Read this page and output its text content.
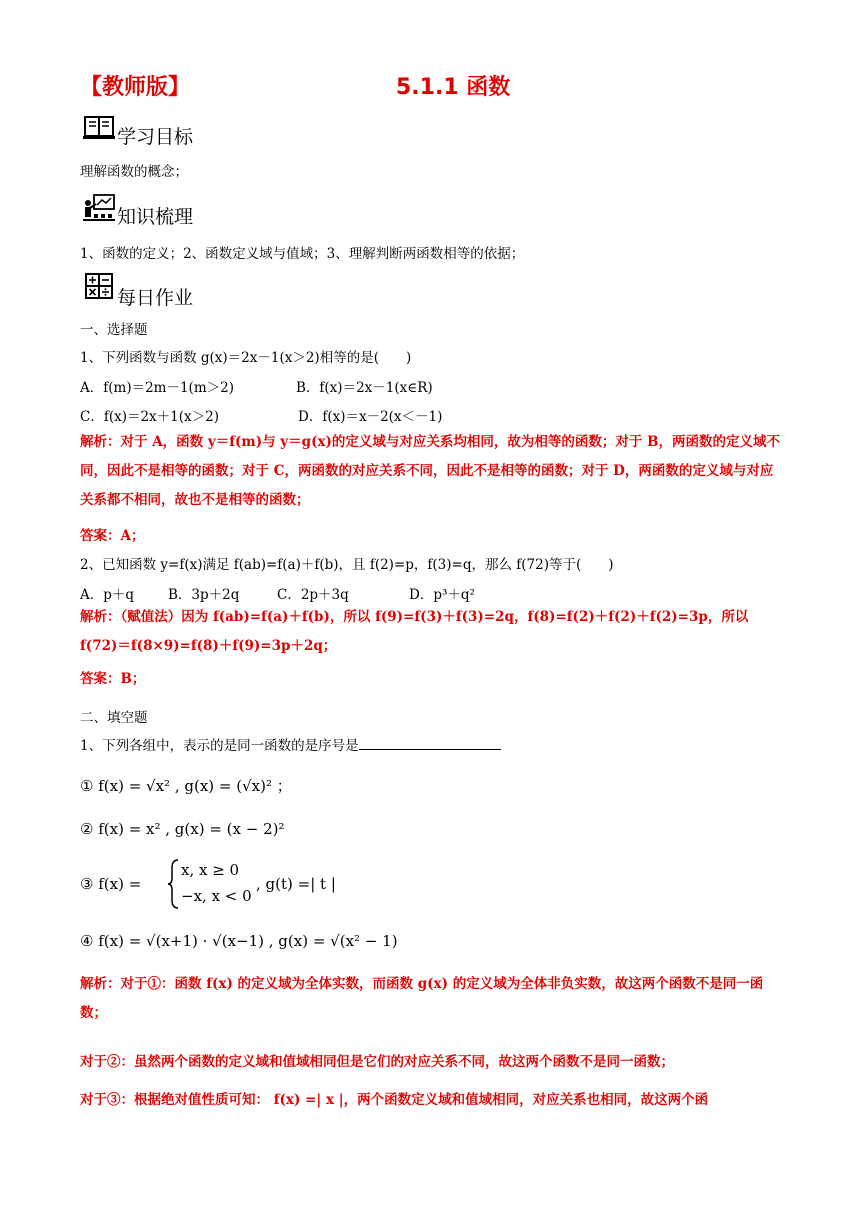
【教师版】	5.1.1 函数
学习目标
理解函数的概念；
知识梳理
1、函数的定义；2、函数定义域与值域；3、理解判断两函数相等的依据；
每日作业
一、选择题
1、下列函数与函数 g(x)＝2x－1(x＞2)相等的是(　　)
A．f(m)＝2m－1(m＞2)	B．f(x)＝2x－1(x∈R)
C．f(x)＝2x＋1(x＞2)	D．f(x)＝x－2(x＜－1)
解析：对于 A，函数 y＝f(m)与 y＝g(x)的定义域与对应关系均相同，故为相等的函数；对于 B，两函数的定义域不同，因此不是相等的函数；对于 C，两函数的对应关系不同，因此不是相等的函数；对于 D，两函数的定义域与对应关系都不相同，故也不是相等的函数；
答案：A；
2、已知函数 y=f(x)满足 f(ab)=f(a)＋f(b)，且 f(2)=p，f(3)=q，那么 f(72)等于(　　)
A．p＋q	B．3p＋2q	C．2p＋3q	D．p³＋q²
解析：（赋值法）因为 f(ab)=f(a)＋f(b)，所以 f(9)=f(3)＋f(3)=2q，f(8)=f(2)＋f(2)＋f(2)=3p，所以 f(72)＝f(8×9)=f(8)＋f(9)=3p＋2q；
答案：B；
二、填空题
1、下列各组中，表示的是同一函数的是序号是
① f(x) = √x² , g(x) = (√x)² ；
② f(x) = x² , g(x) = (x − 2)²
③ f(x) =
x, x ≥ 0
−x, x < 0
, g(t) =| t |
④ f(x) = √(x+1) · √(x−1) , g(x) = √(x² − 1)
解析：对于①：函数 f(x) 的定义域为全体实数，而函数 g(x) 的定义域为全体非负实数，故这两个函数不是同一函数；
对于②：虽然两个函数的定义域和值域相同但是它们的对应关系不同，故这两个函数不是同一函数；
对于③：根据绝对值性质可知： f(x) =| x |，两个函数定义域和值域相同，对应关系也相同，故这两个函
